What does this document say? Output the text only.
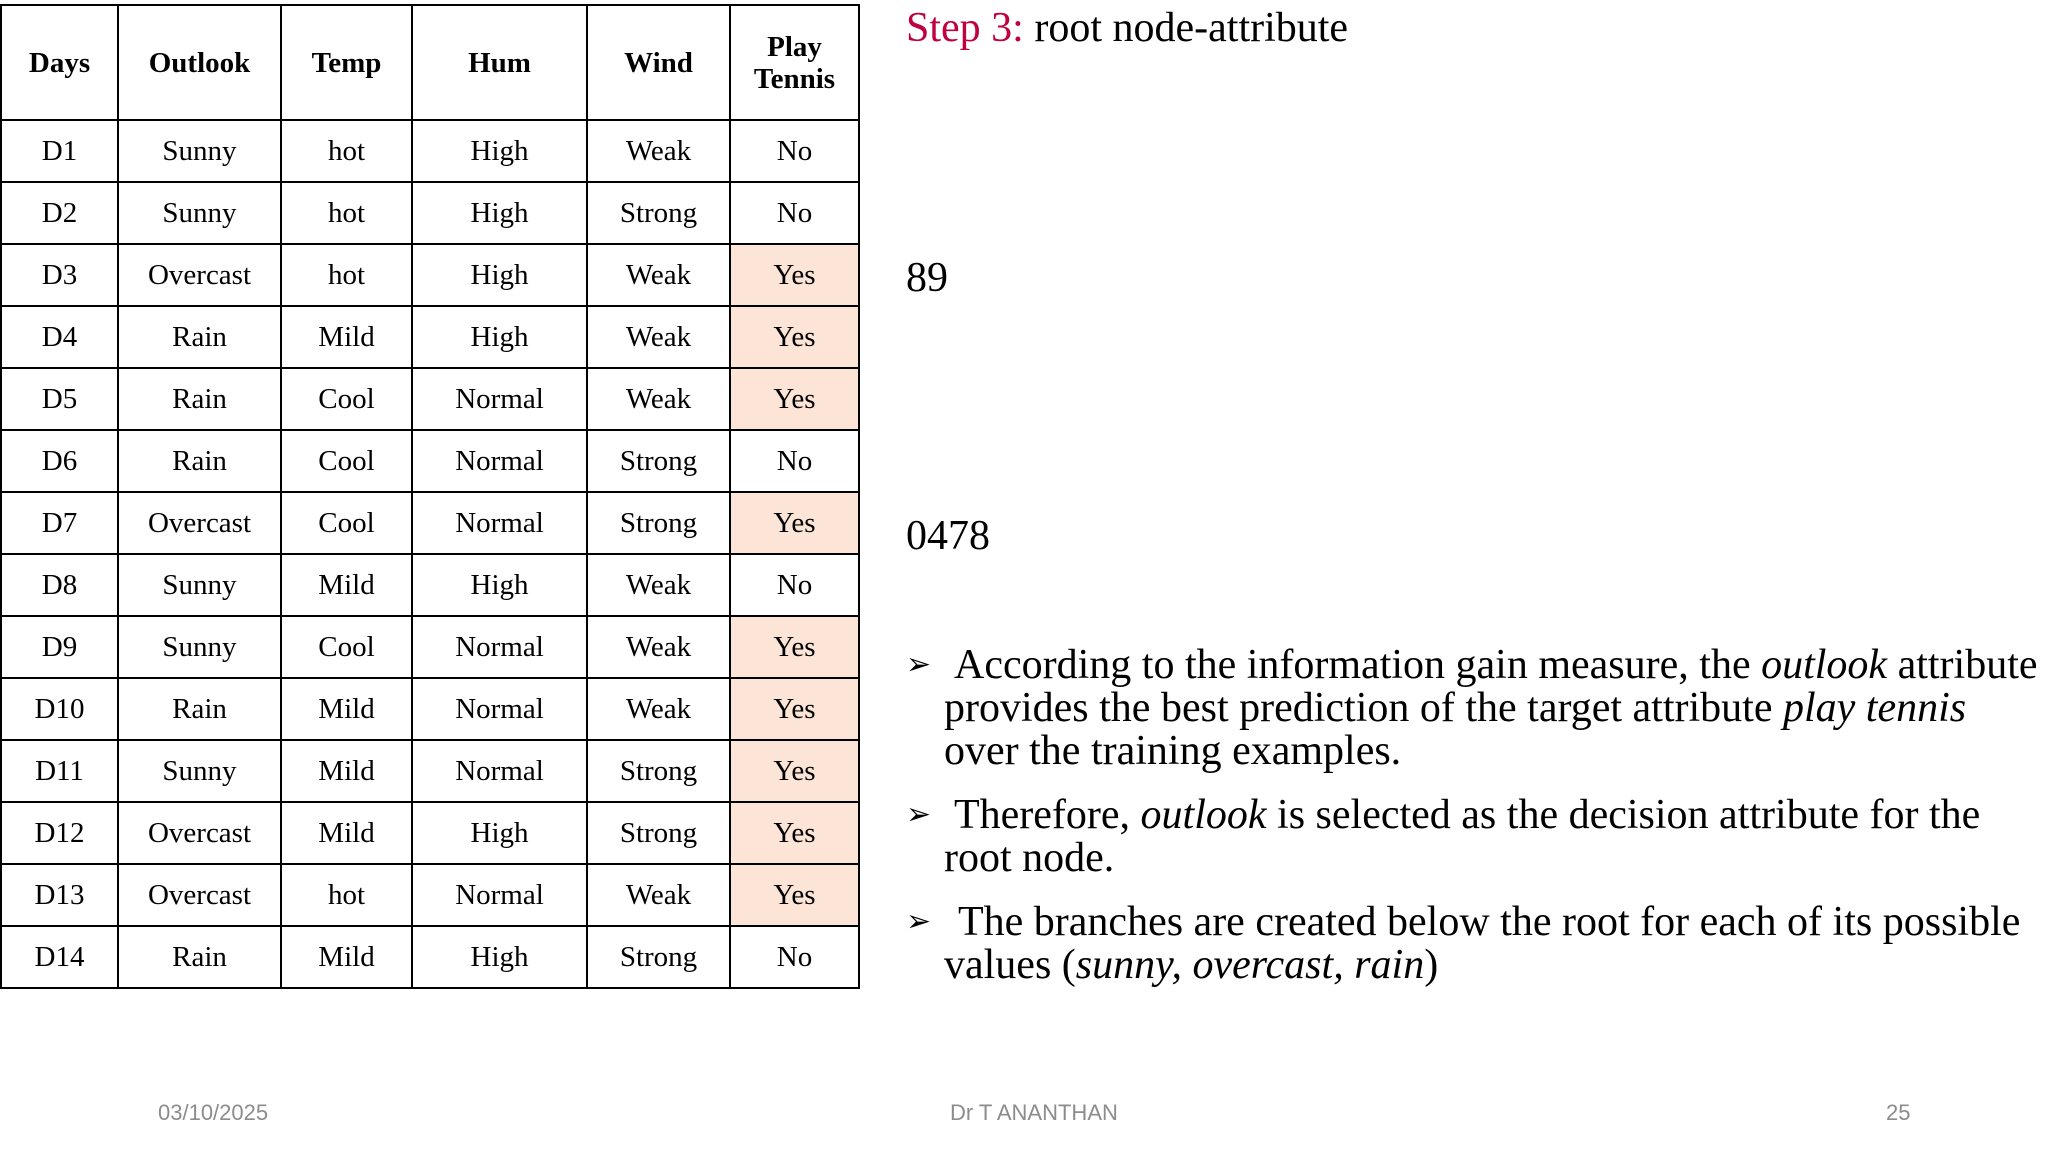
Days	Outlook	Temp	Hum	Wind	Play Tennis
D1	Sunny	hot	High	Weak	No
D2	Sunny	hot	High	Strong	No
D3	Overcast	hot	High	Weak	Yes
D4	Rain	Mild	High	Weak	Yes
D5	Rain	Cool	Normal	Weak	Yes
D6	Rain	Cool	Normal	Strong	No
D7	Overcast	Cool	Normal	Strong	Yes
D8	Sunny	Mild	High	Weak	No
D9	Sunny	Cool	Normal	Weak	Yes
D10	Rain	Mild	Normal	Weak	Yes
D11	Sunny	Mild	Normal	Strong	Yes
D12	Overcast	Mild	High	Strong	Yes
D13	Overcast	hot	Normal	Weak	Yes
D14	Rain	Mild	High	Strong	No
Step 3: root node-attribute
89
0478
➢ According to the information gain measure, the outlook attribute provides the best prediction of the target attribute play tennis over the training examples.
➢ Therefore, outlook is selected as the decision attribute for the root node.
➢ The branches are created below the root for each of its possible values (sunny, overcast, rain)
03/10/2025	Dr T ANANTHAN	25
